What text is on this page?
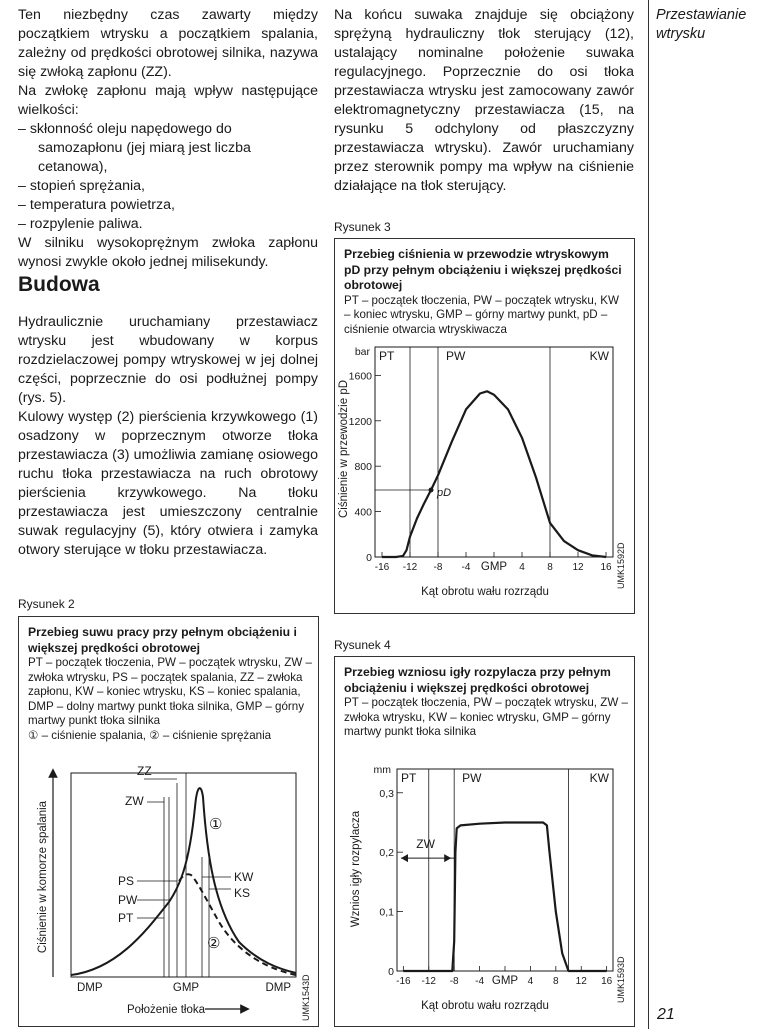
Ten niezbędny czas zawarty między początkiem wtrysku a początkiem spalania, zależny od prędkości obrotowej silnika, nazywa się zwłoką zapłonu (ZZ).

Na zwłokę zapłonu mają wpływ następujące wielkości:

– skłonność oleju napędowego do samozapłonu (jej miarą jest liczba cetanowa),

– stopień sprężania,

– temperatura powietrza,

– rozpylenie paliwa.

W silniku wysokoprężnym zwłoka zapłonu wynosi zwykle około jednej milisekundy.

Budowa

Hydraulicznie uruchamiany przestawiacz wtrysku jest wbudowany w korpus rozdzielaczowej pompy wtryskowej w jej dolnej części, poprzecznie do osi podłużnej pompy (rys. 5).

Kulowy występ (2) pierścienia krzywkowego (1) osadzony w poprzecznym otworze tłoka przestawiacza (3) umożliwia zamianę osiowego ruchu tłoka przestawiacza na ruch obrotowy pierścienia krzywkowego. Na tłoku przestawiacza jest umieszczony centralnie suwak regulacyjny (5), który otwiera i zamyka otwory sterujące w tłoku przestawiacza.

Na końcu suwaka znajduje się obciążony sprężyną hydrauliczny tłok sterujący (12), ustalający nominalne położenie suwaka regulacyjnego. Poprzecznie do osi tłoka przestawiacza wtrysku jest zamocowany zawór elektromagnetyczny przestawiacza (15, na rysunku 5 odchylony od płaszczyzny przestawiacza wtrysku). Zawór uruchamiany przez sterownik pompy ma wpływ na ciśnienie działające na tłok sterujący.

Przestawianie
wtrysku
21
Rysunek 3
Przebieg ciśnienia w przewodzie wtryskowym pD przy pełnym obciążeniu i większej prędkości obrotowej
PT – początek tłoczenia, PW – początek wtrysku, KW – koniec wtrysku, GMP – górny martwy punkt, pD – ciśnienie otwarcia wtryskiwacza
PT	PW	KW
0
400
800
1200
1600
-16 -12 -8 -4 GMP 4 8 12 16
pD
Ciśnienie w przewodzie pD
Kąt obrotu wału rozrządu
bar
UMK1592D
Rysunek 2
Przebieg suwu pracy przy pełnym obciążeniu i większej prędkości obrotowej
PT – początek tłoczenia, PW – początek wtrysku, ZW – zwłoka wtrysku, PS – początek spalania, ZZ – zwłoka zapłonu, KW – koniec wtrysku, KS – koniec spalania, DMP – dolny martwy punkt tłoka silnika, GMP – górny martwy punkt tłoka silnika
① – ciśnienie spalania, ② – ciśnienie sprężania
Ciśnienie w komorze spalania
ZZ
ZW
PS
PW
PT
KW
KS
①
②
DMP	GMP	DMP
Położenie tłoka	UMK1543D
Rysunek 4
Przebieg wzniosu igły rozpylacza przy pełnym obciążeniu i większej prędkości obrotowej
PT – początek tłoczenia, PW – początek wtrysku, ZW – zwłoka wtrysku, KW – koniec wtrysku, GMP – górny martwy punkt tłoka silnika
PT	PW	KW
0
0,1
0,2
0,3
-16 -12 -8 -4 GMP 4 8 12 16
ZW
Wznios igły rozpylacza
Kąt obrotu wału rozrządu
mm
UMK1593D
